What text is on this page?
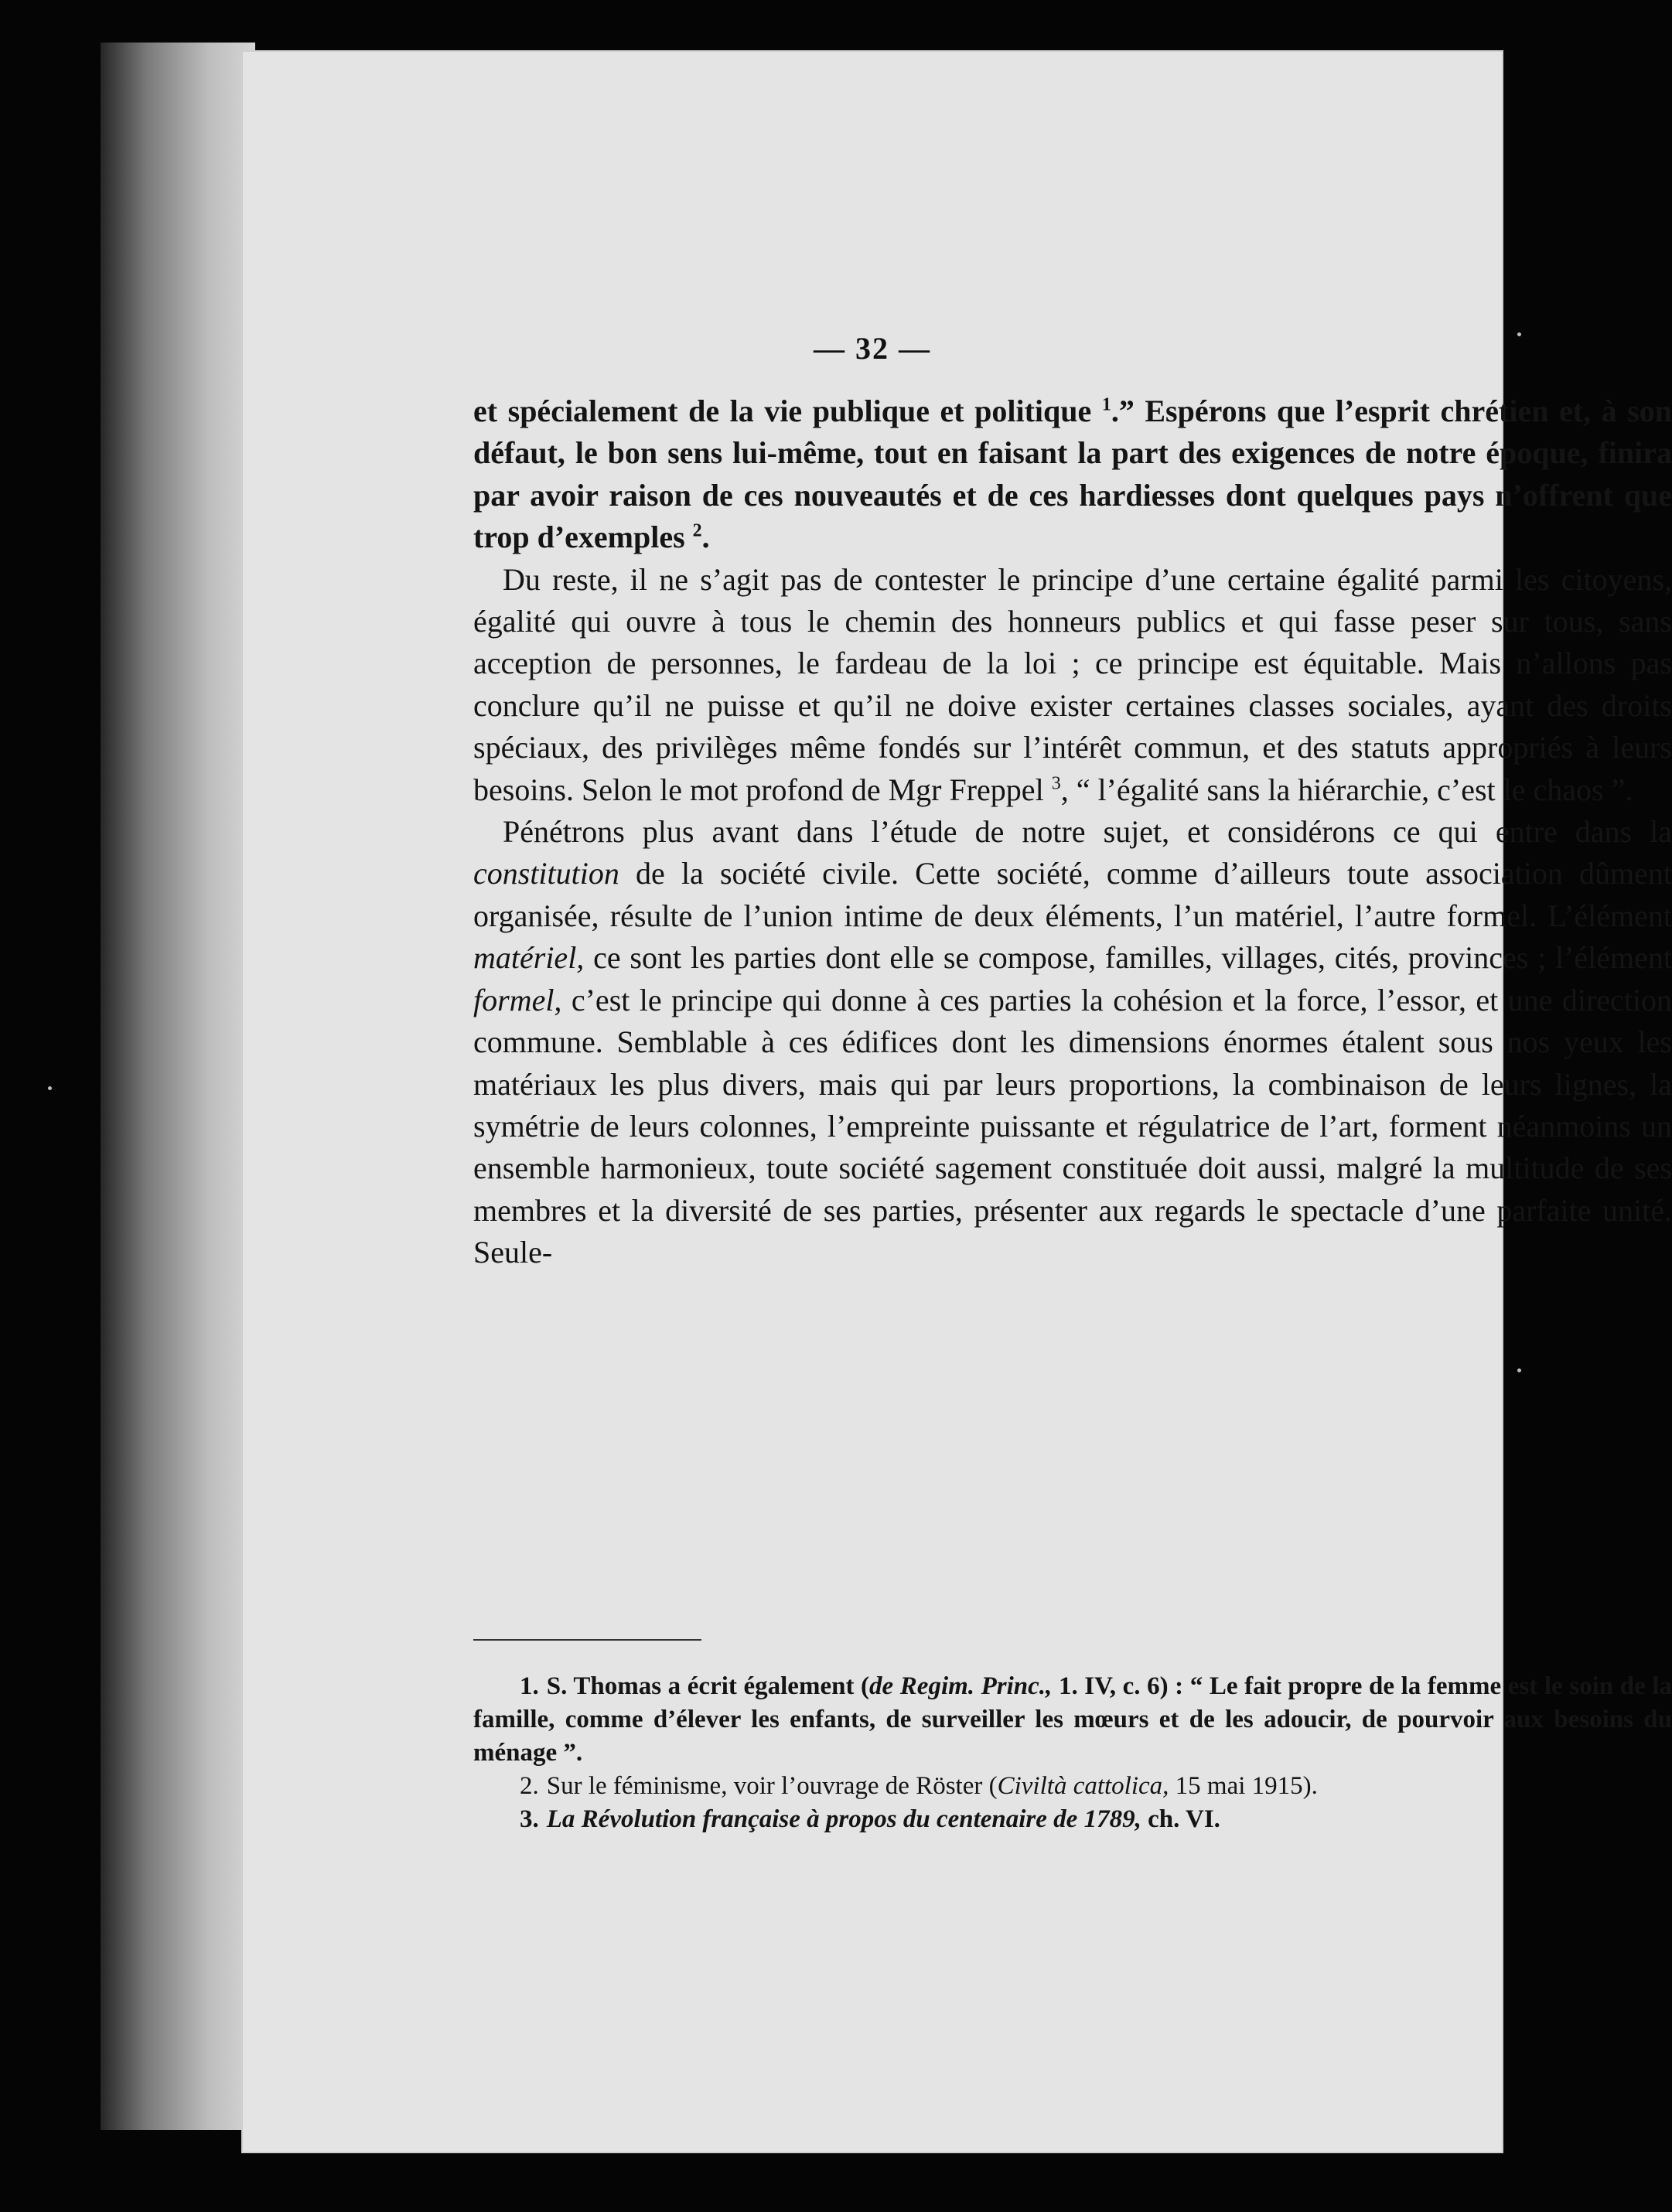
— 32 —

et spécialement de la vie publique et politique $^1$.” Espérons que l’esprit chrétien et, à son défaut, le bon sens lui-même, tout en faisant la part des exigences de notre époque, finira par avoir raison de ces nouveautés et de ces hardiesses dont quelques pays n’offrent que trop d’exemples $^2$.

Du reste, il ne s’agit pas de contester le principe d’une certaine égalité parmi les citoyens, égalité qui ouvre à tous le chemin des honneurs publics et qui fasse peser sur tous, sans acception de personnes, le fardeau de la loi ; ce principe est équitable. Mais n’allons pas conclure qu’il ne puisse et qu’il ne doive exister certaines classes sociales, ayant des droits spéciaux, des privilèges même fondés sur l’intérêt commun, et des statuts appropriés à leurs besoins. Selon le mot profond de Mgr Freppel $^3$, “ l’égalité sans la hiérarchie, c’est le chaos ”.

Pénétrons plus avant dans l’étude de notre sujet, et considérons ce qui entre dans la constitution de la société civile. Cette société, comme d’ailleurs toute association dûment organisée, résulte de l’union intime de deux éléments, l’un matériel, l’autre formel. L’élément matériel, ce sont les parties dont elle se compose, familles, villages, cités, provinces ; l’élément formel, c’est le principe qui donne à ces parties la cohésion et la force, l’essor, et une direction commune. Semblable à ces édifices dont les dimensions énormes étalent sous nos yeux les matériaux les plus divers, mais qui par leurs proportions, la combinaison de leurs lignes, la symétrie de leurs colonnes, l’empreinte puissante et régulatrice de l’art, forment néanmoins un ensemble harmonieux, toute société sagement constituée doit aussi, malgré la multitude de ses membres et la diversité de ses parties, présenter aux regards le spectacle d’une parfaite unité. Seule-

1. S. Thomas a écrit également (de Regim. Princ., 1. IV, c. 6) : “ Le fait propre de la femme est le soin de la famille, comme d’élever les enfants, de surveiller les mœurs et de les adoucir, de pourvoir aux besoins du ménage ”.

2. Sur le féminisme, voir l’ouvrage de Röster (Civiltà cattolica, 15 mai 1915).

3. La Révolution française à propos du centenaire de 1789, ch. VI.
